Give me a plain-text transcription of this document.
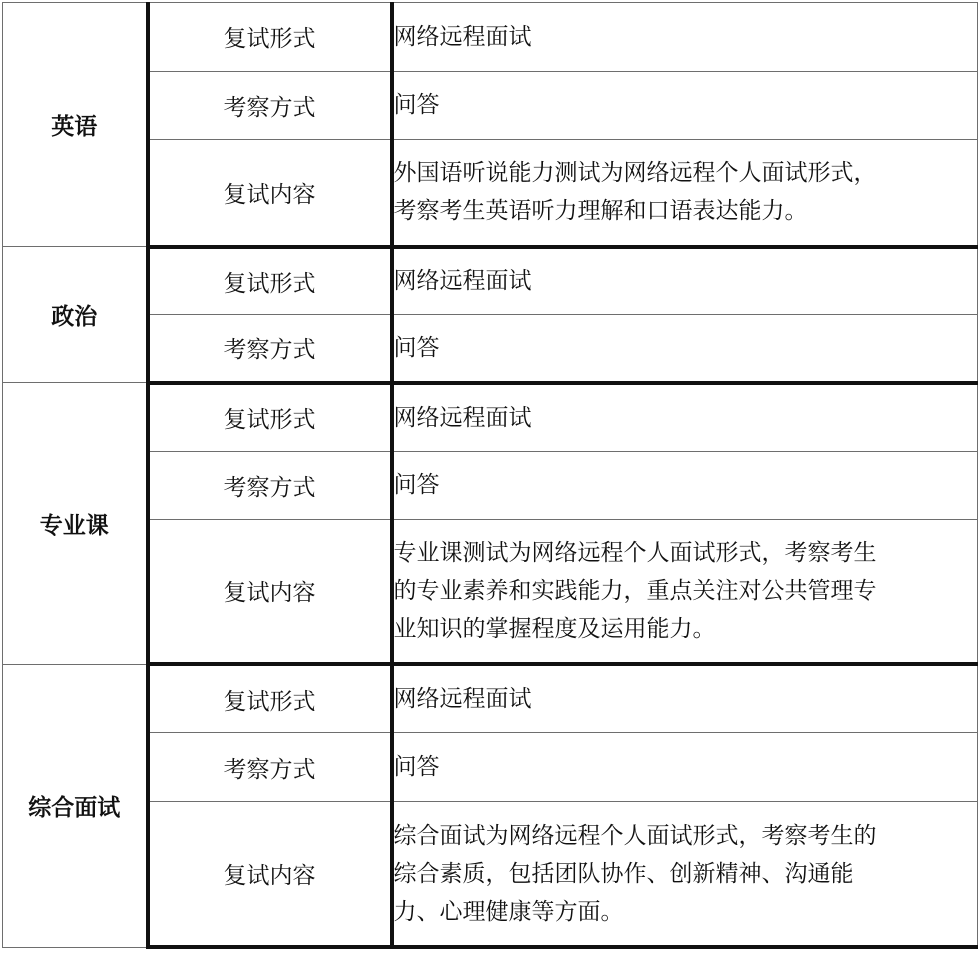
英语	复试形式	网络远程面试
	考察方式	问答
	复试内容	外国语听说能力测试为网络远程个人面试形式，
考察考生英语听力理解和口语表达能力。

政治	复试形式	网络远程面试
	考察方式	问答
专业课	复试形式	网络远程面试
	考察方式	问答
	复试内容	专业课测试为网络远程个人面试形式，考察考生
的专业素养和实践能力，重点关注对公共管理专
业知识的掌握程度及运用能力。

综合面试	复试形式	网络远程面试
	考察方式	问答
	复试内容	综合面试为网络远程个人面试形式，考察考生的
综合素质，包括团队协作、创新精神、沟通能
力、心理健康等方面。
